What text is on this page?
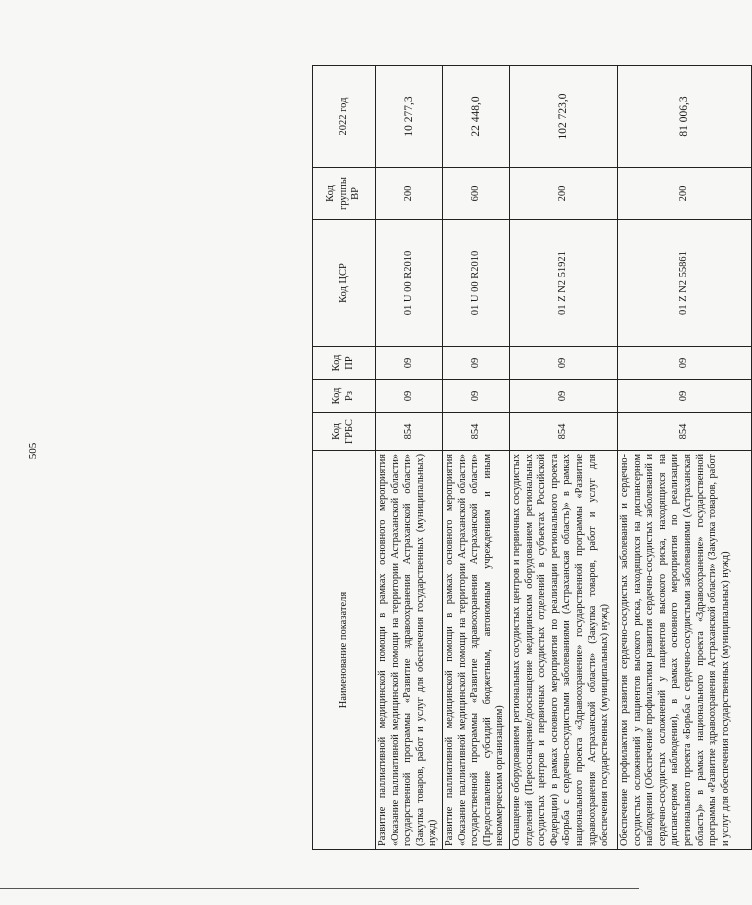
505
Наименование показателя	Код ГРБС	Код Рз	Код ПР	Код ЦСР	Код группы ВР	2022 год
Развитие паллиативной медицинской помощи в рамках основного мероприятия «Оказание паллиативной медицинской помощи на территории Астраханской области» государственной программы «Развитие здравоохранения Астраханской области» (Закупка товаров, работ и услуг для обеспечения государственных (муниципальных) нужд)	854	09	09	01 U 00 R2010	200	10 277,3
Развитие паллиативной медицинской помощи в рамках основного мероприятия «Оказание паллиативной медицинской помощи на территории Астраханской области» государственной программы «Развитие здравоохранения Астраханской области» (Предоставление субсидий бюджетным, автономным учреждениям и иным некоммерческим организациям)	854	09	09	01 U 00 R2010	600	22 448,0
Оснащение оборудованием региональных сосудистых центров и первичных сосудистых отделений (Переоснащение/дооснащение медицинским оборудованием региональных сосудистых центров и первичных сосудистых отделений в субъектах Российской Федерации) в рамках основного мероприятия по реализации регионального проекта «Борьба с сердечно-сосудистыми заболеваниями (Астраханская область)» в рамках национального проекта «Здравоохранение» государственной программы «Развитие здравоохранения Астраханской области» (Закупка товаров, работ и услуг для обеспечения государственных (муниципальных) нужд)	854	09	09	01 Z N2 51921	200	102 723,0
Обеспечение профилактики развития сердечно-сосудистых заболеваний и сердечно-сосудистых осложнений у пациентов высокого риска, находящихся на диспансерном наблюдении (Обеспечение профилактики развития сердечно-сосудистых заболеваний и сердечно-сосудистых осложнений у пациентов высокого риска, находящихся на диспансерном наблюдении), в рамках основного мероприятия по реализации регионального проекта «Борьба с сердечно-сосудистыми заболеваниями (Астраханская область)» в рамках национального проекта «Здравоохранение» государственной программы «Развитие здравоохранения Астраханской области» (Закупка товаров, работ и услуг для обеспечения государственных (муниципальных) нужд)	854	09	09	01 Z N2 55861	200	81 006,3
